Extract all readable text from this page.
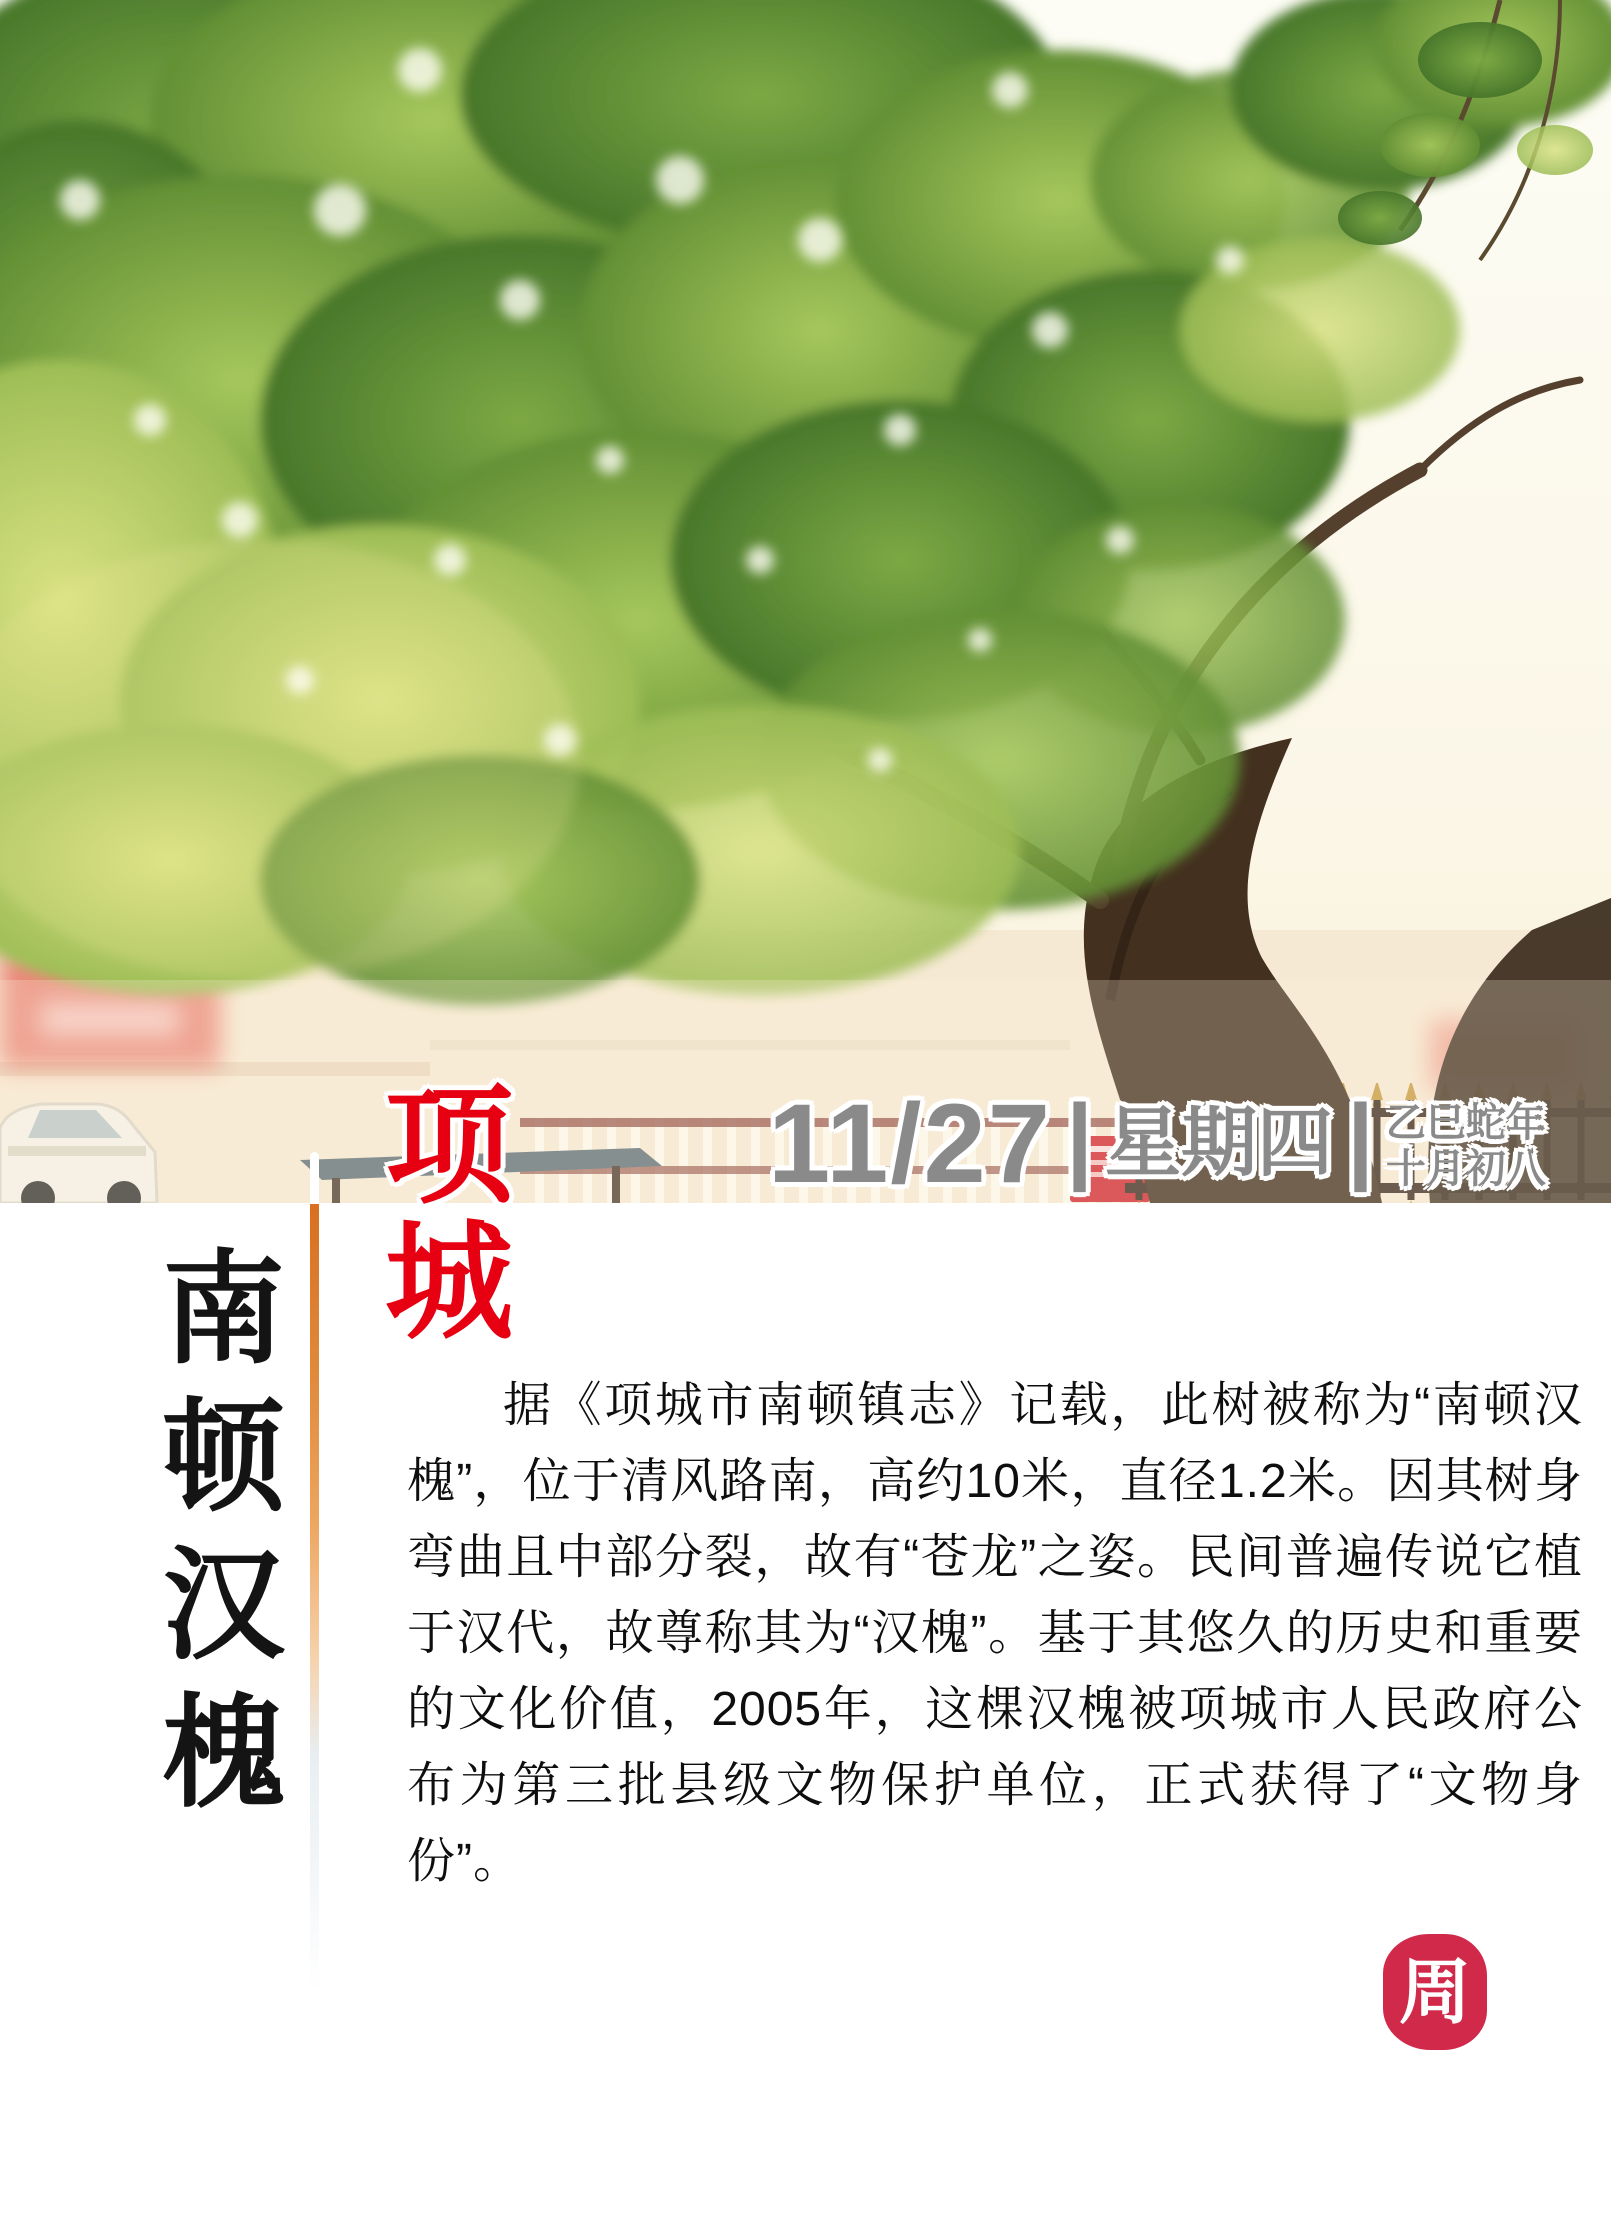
11/27 | 星期四 | 乙巳蛇年
十月初八
项城
南顿汉槐	据《项城市南顿镇志》记载，此树被称为“南顿汉槐”，位于清风路南，高约10米，直径1.2米。因其树身弯曲且中部分裂，故有“苍龙”之姿。民间普遍传说它植于汉代，故尊称其为“汉槐”。基于其悠久的历史和重要的文化价值，2005年，这棵汉槐被项城市人民政府公布为第三批县级文物保护单位，正式获得了“文物身份”。
周
